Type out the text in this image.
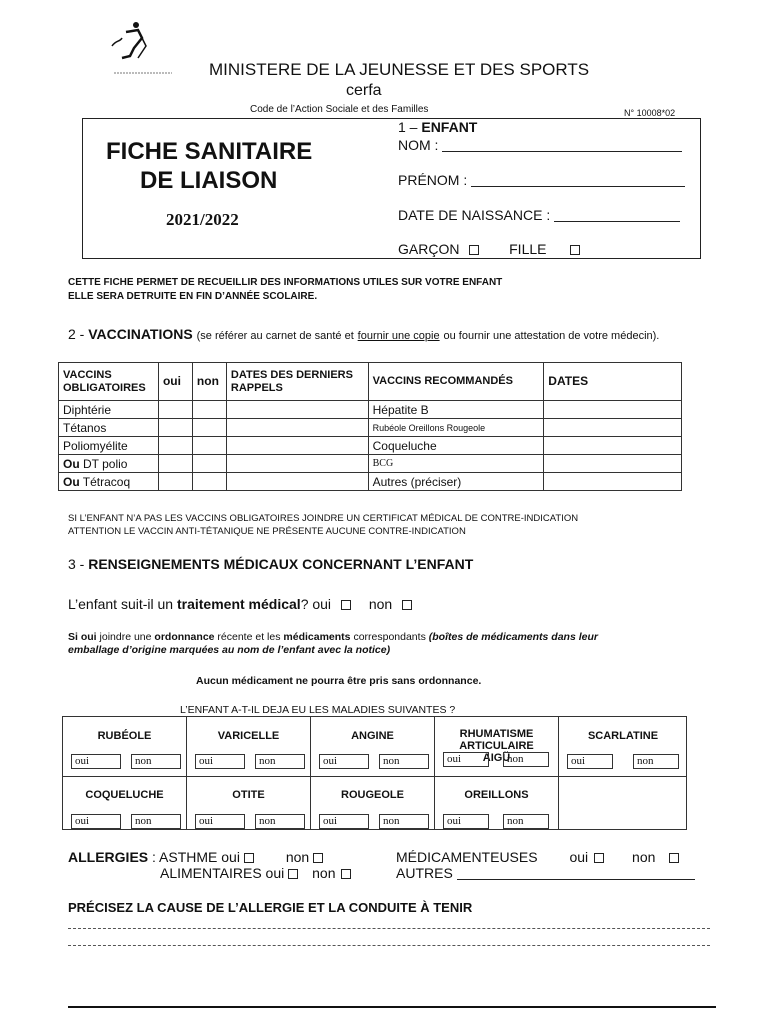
MINISTERE DE LA JEUNESSE ET DES SPORTS
cerfa
Code de l’Action Sociale et des Familles	N° 10008*02
FICHE SANITAIRE
DE LIAISON
2021/2022
1 – ENFANT
NOM :
PRÉNOM :
DATE DE NAISSANCE :
GARÇON	FILLE
CETTE FICHE PERMET DE RECUEILLIR DES INFORMATIONS UTILES SUR VOTRE ENFANT
ELLE SERA DETRUITE EN FIN D’ANNÉE SCOLAIRE.
2 - VACCINATIONS (se référer au carnet de santé et fournir une copie ou fournir une attestation de votre médecin).
VACCINS OBLIGATOIRES	oui	non	DATES DES DERNIERS RAPPELS	VACCINS RECOMMANDÉS	DATES
Diphtérie				Hépatite B	
Tétanos				Rubéole Oreillons Rougeole	
Poliomyélite				Coqueluche	
Ou DT polio				BCG	
Ou Tétracoq				Autres (préciser)	
SI L’ENFANT N’A PAS LES VACCINS OBLIGATOIRES JOINDRE UN CERTIFICAT MÉDICAL DE CONTRE-INDICATION
ATTENTION LE VACCIN ANTI-TÉTANIQUE NE PRÉSENTE AUCUNE CONTRE-INDICATION
3 - RENSEIGNEMENTS MÉDICAUX CONCERNANT L’ENFANT
L’enfant suit-il un traitement médical? oui	non
Si oui joindre une ordonnance récente et les médicaments correspondants (boîtes de médicaments dans leur
emballage d’origine marquées au nom de l’enfant avec la notice)
Aucun médicament ne pourra être pris sans ordonnance.
L’ENFANT A-T-IL DEJA EU LES MALADIES SUIVANTES ?
RUBÉOLE
oui	non
VARICELLE
oui	non
ANGINE
oui	non
RHUMATISME ARTICULAIRE AIGÜ
oui	non
SCARLATINE
oui	non
COQUELUCHE
oui	non
OTITE
oui	non
ROUGEOLE
oui	non
OREILLONS
oui	non
ALLERGIES : ASTHME oui	non	MÉDICAMENTEUSES oui	non
ALIMENTAIRES oui non	AUTRES
PRÉCISEZ LA CAUSE DE L’ALLERGIE ET LA CONDUITE À TENIR
